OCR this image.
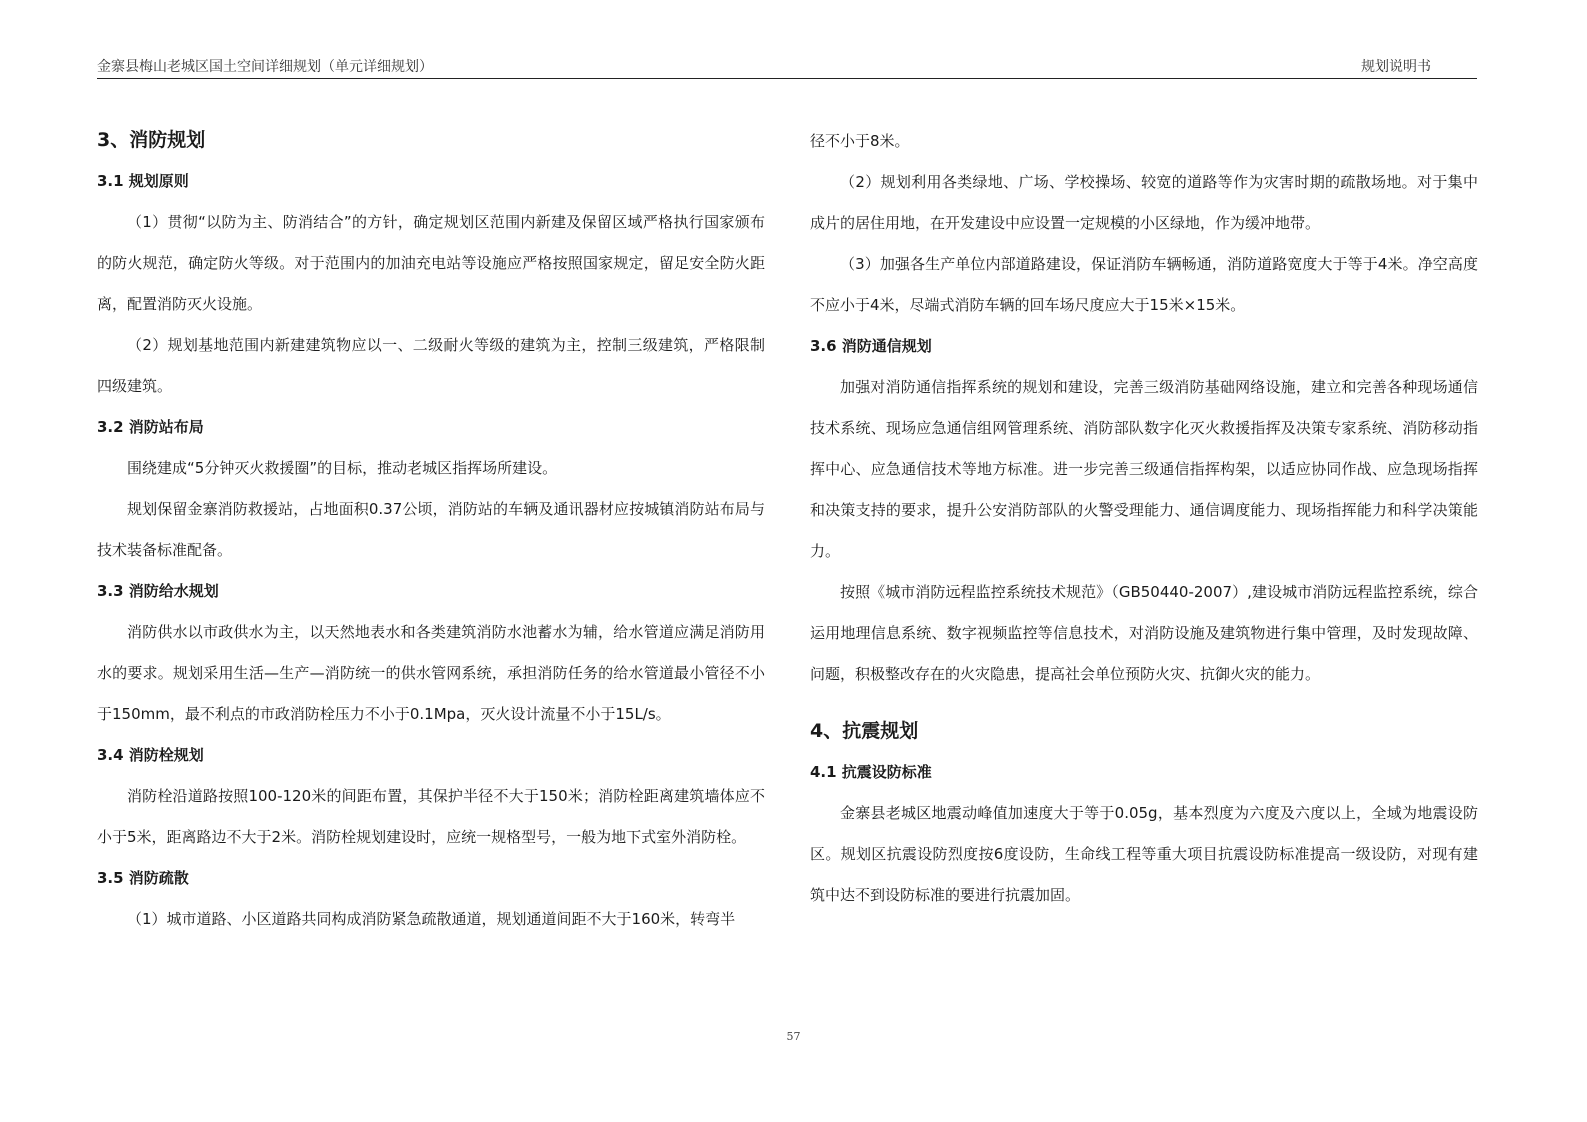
金寨县梅山老城区国土空间详细规划（单元详细规划）	规划说明书
3、消防规划
3.1 规划原则

（1）贯彻“以防为主、防消结合”的方针，确定规划区范围内新建及保留区域严格执行国家颁布的防火规范，确定防火等级。对于范围内的加油充电站等设施应严格按照国家规定，留足安全防火距离，配置消防灭火设施。

（2）规划基地范围内新建建筑物应以一、二级耐火等级的建筑为主，控制三级建筑，严格限制四级建筑。

3.2 消防站布局

围绕建成“5分钟灭火救援圈”的目标，推动老城区指挥场所建设。

规划保留金寨消防救援站，占地面积0.37公顷，消防站的车辆及通讯器材应按城镇消防站布局与技术装备标准配备。

3.3 消防给水规划

消防供水以市政供水为主，以天然地表水和各类建筑消防水池蓄水为辅，给水管道应满足消防用水的要求。规划采用生活—生产—消防统一的供水管网系统，承担消防任务的给水管道最小管径不小于150mm，最不利点的市政消防栓压力不小于0.1Mpa，灭火设计流量不小于15L/s。

3.4 消防栓规划

消防栓沿道路按照100-120米的间距布置，其保护半径不大于150米；消防栓距离建筑墙体应不小于5米，距离路边不大于2米。消防栓规划建设时，应统一规格型号，一般为地下式室外消防栓。

3.5 消防疏散

（1）城市道路、小区道路共同构成消防紧急疏散通道，规划通道间距不大于160米，转弯半

径不小于8米。

（2）规划利用各类绿地、广场、学校操场、较宽的道路等作为灾害时期的疏散场地。对于集中成片的居住用地，在开发建设中应设置一定规模的小区绿地，作为缓冲地带。

（3）加强各生产单位内部道路建设，保证消防车辆畅通，消防道路宽度大于等于4米。净空高度不应小于4米，尽端式消防车辆的回车场尺度应大于15米×15米。

3.6 消防通信规划

加强对消防通信指挥系统的规划和建设，完善三级消防基础网络设施，建立和完善各种现场通信技术系统、现场应急通信组网管理系统、消防部队数字化灭火救援指挥及决策专家系统、消防移动指挥中心、应急通信技术等地方标准。进一步完善三级通信指挥构架，以适应协同作战、应急现场指挥和决策支持的要求，提升公安消防部队的火警受理能力、通信调度能力、现场指挥能力和科学决策能力。

按照《城市消防远程监控系统技术规范》（GB50440-2007）,建设城市消防远程监控系统，综合运用地理信息系统、数字视频监控等信息技术，对消防设施及建筑物进行集中管理，及时发现故障、问题，积极整改存在的火灾隐患，提高社会单位预防火灾、抗御火灾的能力。

4、抗震规划
4.1 抗震设防标准

金寨县老城区地震动峰值加速度大于等于0.05g，基本烈度为六度及六度以上，全域为地震设防区。规划区抗震设防烈度按6度设防，生命线工程等重大项目抗震设防标准提高一级设防，对现有建筑中达不到设防标准的要进行抗震加固。

57
